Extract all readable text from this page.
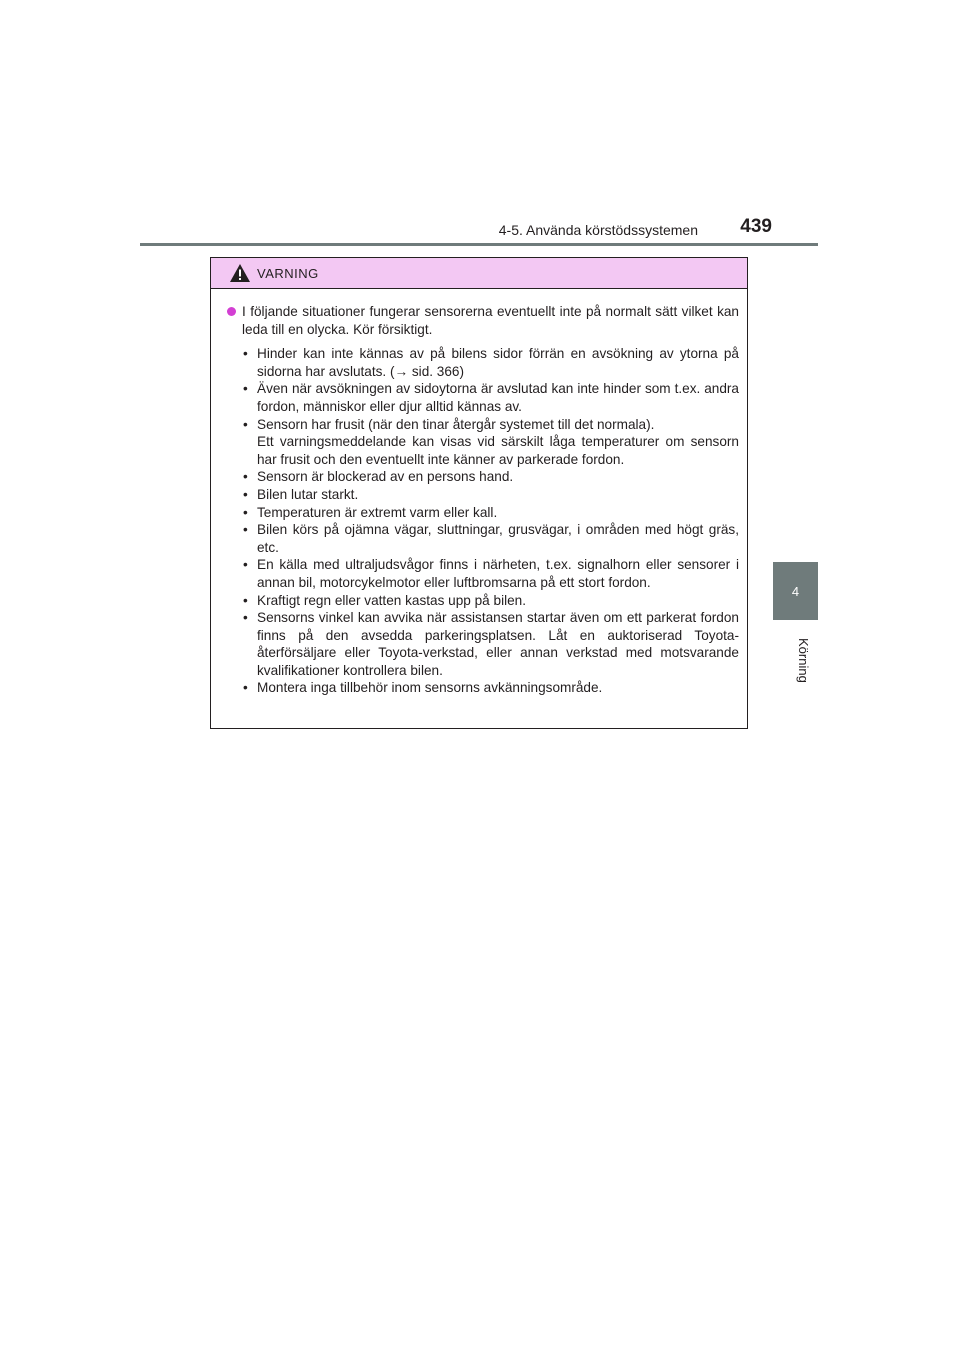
4-5. Använda körstödssystemen 439
4
Körning
VARNING
I följande situationer fungerar sensorerna eventuellt inte på normalt sätt vilket kan leda till en olycka. Kör försiktigt.
• Hinder kan inte kännas av på bilens sidor förrän en avsökning av ytorna på sidorna har avslutats. (→ sid. 366)
• Även när avsökningen av sidoytorna är avslutad kan inte hinder som t.ex. andra fordon, människor eller djur alltid kännas av.
• Sensorn har frusit (när den tinar återgår systemet till det normala).
Ett varningsmeddelande kan visas vid särskilt låga temperaturer om sensorn har frusit och den eventuellt inte känner av parkerade fordon.
• Sensorn är blockerad av en persons hand.
• Bilen lutar starkt.
• Temperaturen är extremt varm eller kall.
• Bilen körs på ojämna vägar, sluttningar, grusvägar, i områden med högt gräs, etc.
• En källa med ultraljudsvågor finns i närheten, t.ex. signalhorn eller sensorer i annan bil, motorcykelmotor eller luftbromsarna på ett stort fordon.
• Kraftigt regn eller vatten kastas upp på bilen.
• Sensorns vinkel kan avvika när assistansen startar även om ett parkerat fordon finns på den avsedda parkeringsplatsen. Låt en auktoriserad Toyota-återförsäljare eller Toyota-verkstad, eller annan verkstad med motsvarande kvalifikationer kontrollera bilen.
• Montera inga tillbehör inom sensorns avkänningsområde.
